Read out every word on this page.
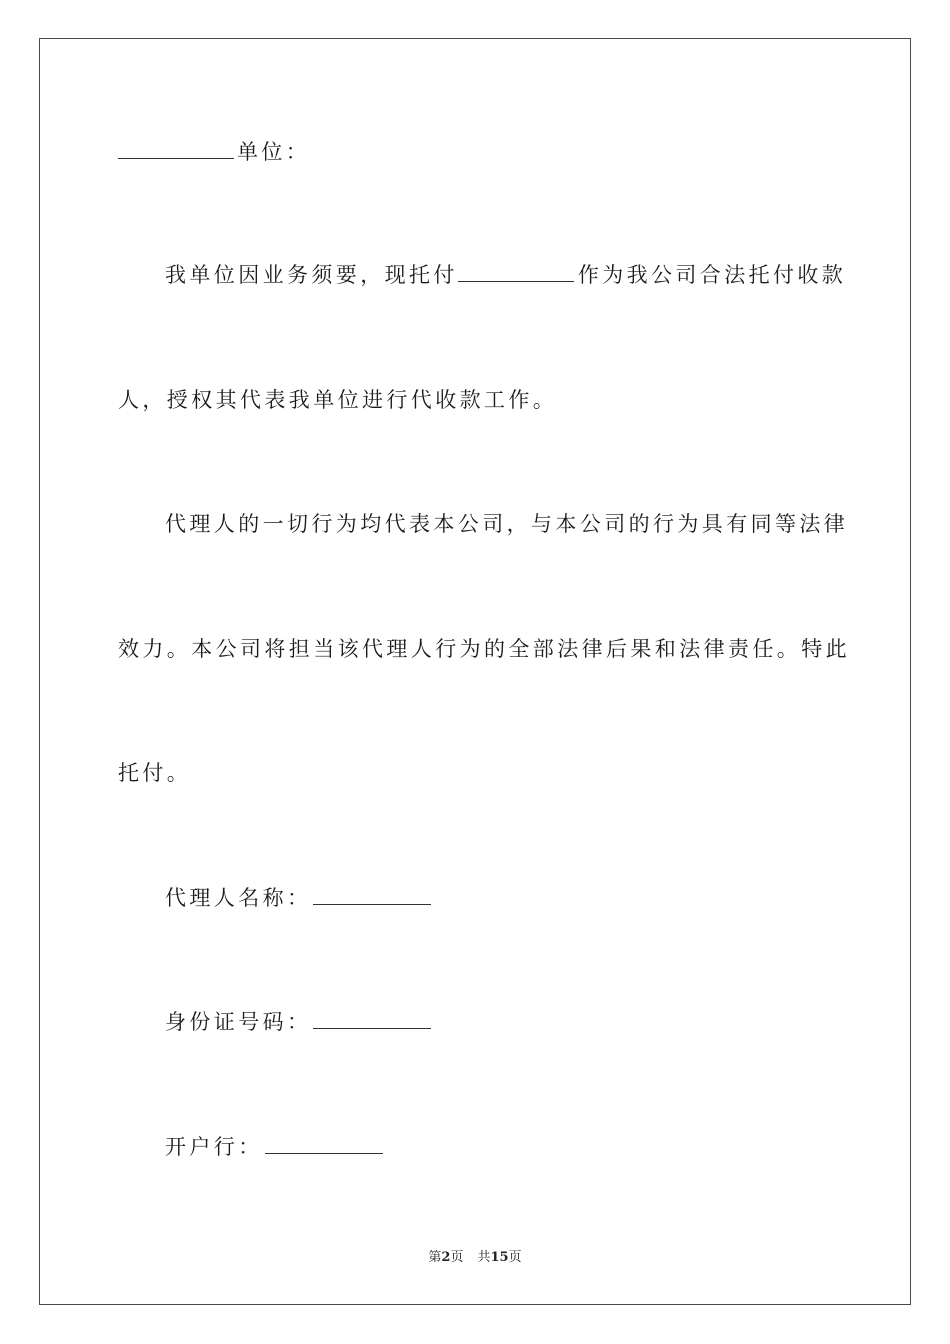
单位：
我单位因业务须要，现托付	作为我公司合法托付收款
人，授权其代表我单位进行代收款工作。
代理人的一切行为均代表本公司，与本公司的行为具有同等法律
效力。本公司将担当该代理人行为的全部法律后果和法律责任。特此
托付。
代理人名称：
身份证号码：
开户行：
第2页 共15页
